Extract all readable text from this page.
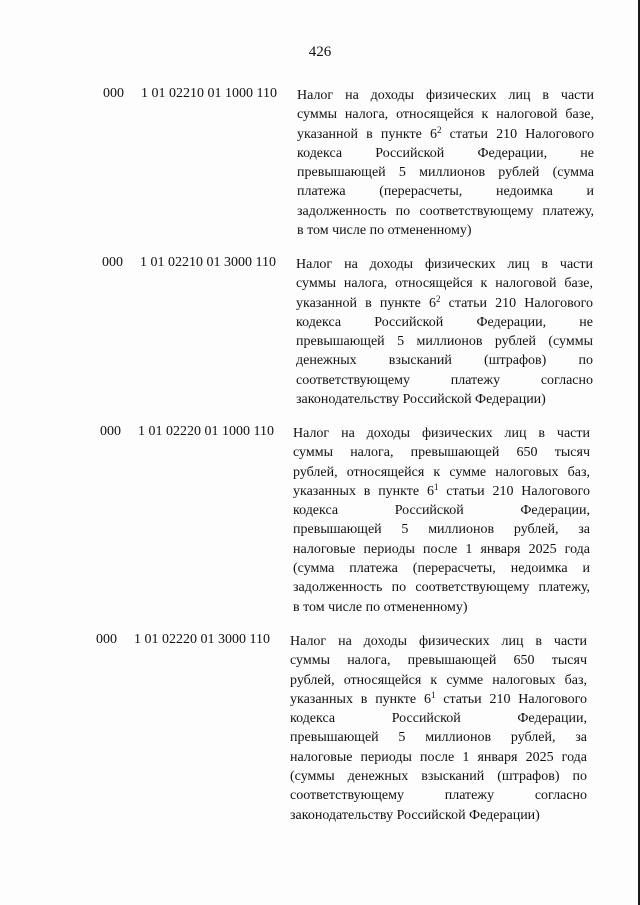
426
000	1 01 02210 01 1000 110 Налог на доходы физических лиц в части
суммы налога, относящейся к налоговой базе,
указанной в пункте $6^2$ статьи 210 Налогового
кодекса Российской Федерации, не
превышающей 5 миллионов рублей (сумма
платежа (перерасчеты, недоимка и
задолженность по соответствующему платежу,
в том числе по отмененному)
000	1 01 02210 01 3000 110 Налог на доходы физических лиц в части
суммы налога, относящейся к налоговой базе,
указанной в пункте $6^2$ статьи 210 Налогового
кодекса Российской Федерации, не
превышающей 5 миллионов рублей (суммы
денежных взысканий (штрафов) по
соответствующему платежу согласно
законодательству Российской Федерации)
000	1 01 02220 01 1000 110 Налог на доходы физических лиц в части
суммы налога, превышающей 650 тысяч
рублей, относящейся к сумме налоговых баз,
указанных в пункте $6^1$ статьи 210 Налогового
кодекса Российской Федерации,
превышающей 5 миллионов рублей, за
налоговые периоды после 1 января 2025 года
(сумма платежа (перерасчеты, недоимка и
задолженность по соответствующему платежу,
в том числе по отмененному)
000	1 01 02220 01 3000 110 Налог на доходы физических лиц в части
суммы налога, превышающей 650 тысяч
рублей, относящейся к сумме налоговых баз,
указанных в пункте $6^1$ статьи 210 Налогового
кодекса Российской Федерации,
превышающей 5 миллионов рублей, за
налоговые периоды после 1 января 2025 года
(суммы денежных взысканий (штрафов) по
соответствующему платежу согласно
законодательству Российской Федерации)
